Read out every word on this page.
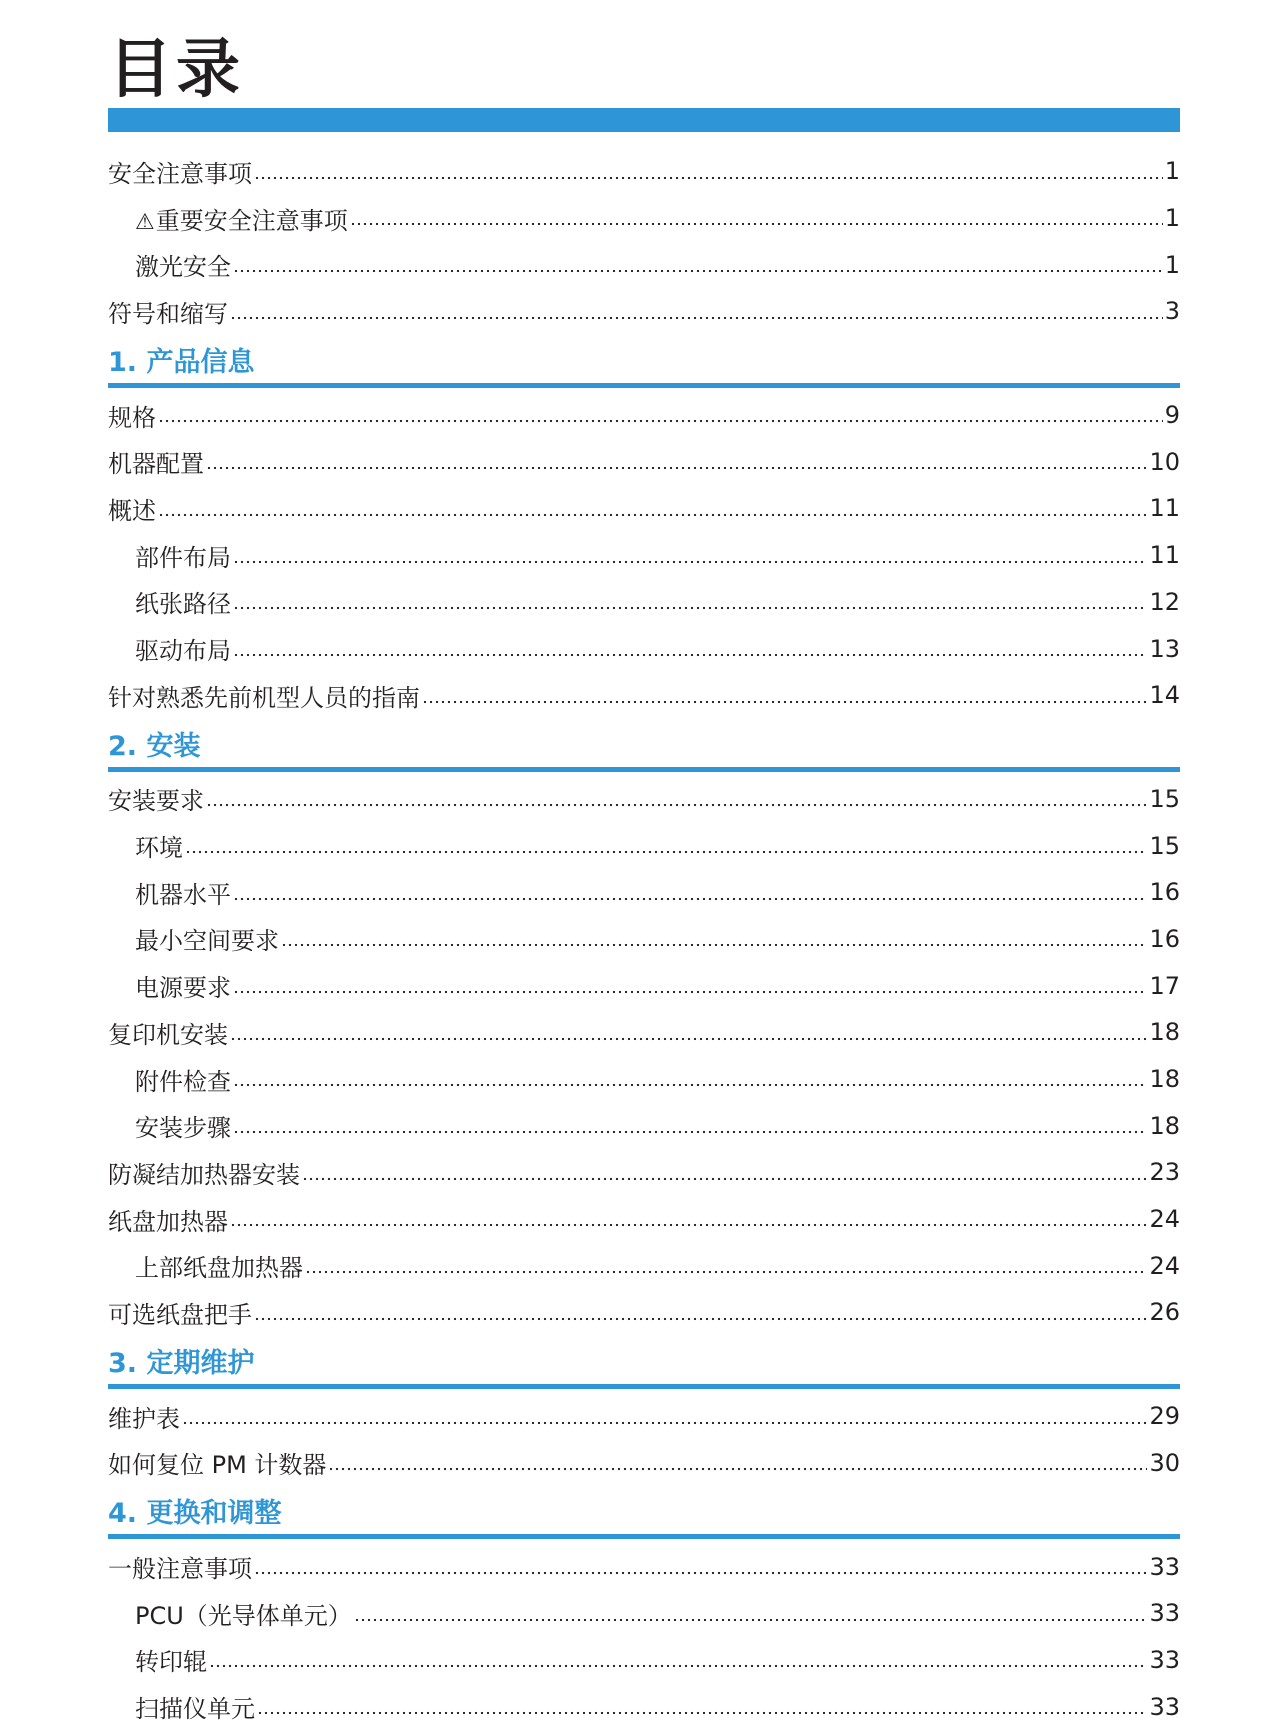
目录
安全注意事项	1
⚠重要安全注意事项	1
激光安全	1
符号和缩写	3
1. 产品信息
规格	9
机器配置	10
概述	11
部件布局	11
纸张路径	12
驱动布局	13
针对熟悉先前机型人员的指南	14
2. 安装
安装要求	15
环境	15
机器水平	16
最小空间要求	16
电源要求	17
复印机安装	18
附件检查	18
安装步骤	18
防凝结加热器安装	23
纸盘加热器	24
上部纸盘加热器	24
可选纸盘把手	26
3. 定期维护
维护表	29
如何复位 PM 计数器	30
4. 更换和调整
一般注意事项	33
PCU（光导体单元）	33
转印辊	33
扫描仪单元	33
